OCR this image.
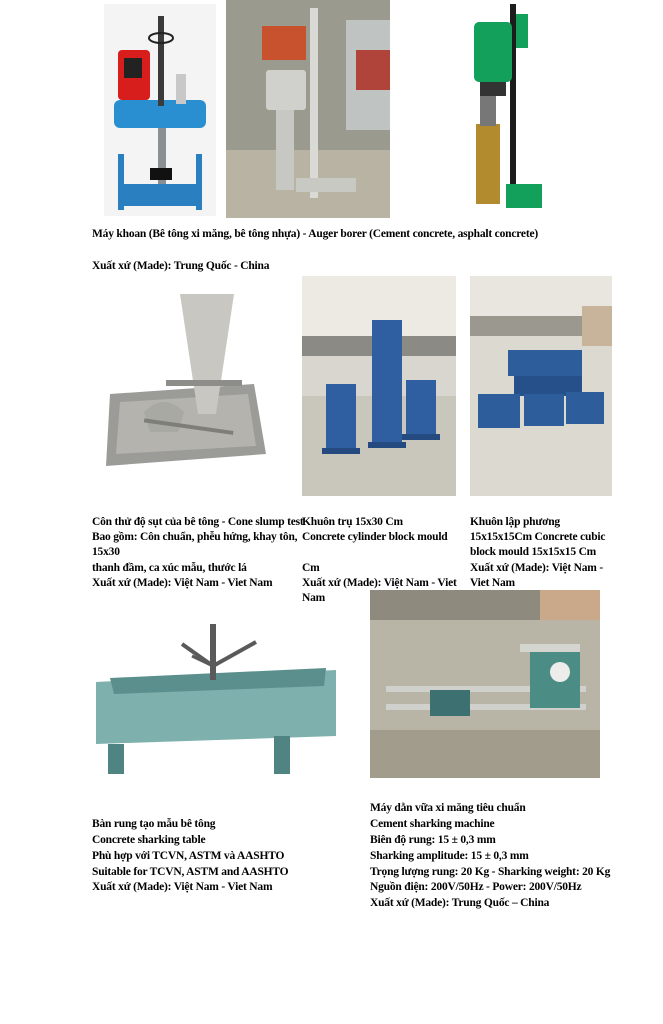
Máy khoan (Bê tông xi măng, bê tông nhựa) - Auger borer (Cement concrete, asphalt concrete)
Xuất xứ (Made): Trung Quốc - China
Côn thử độ sụt của bê tông - Cone slump test
Bao gồm: Côn chuẩn, phễu hứng, khay tôn,
15x30
thanh đầm, ca xúc mẫu, thước lá
Xuất xứ (Made): Việt Nam - Viet Nam
Khuôn trụ 15x30 Cm
Concrete cylinder block mould
Cm
Xuất xứ (Made): Việt Nam - Viet Nam
Khuôn lập phương
15x15x15Cm Concrete cubic block mould 15x15x15 Cm
Xuất xứ (Made): Việt Nam - Viet Nam
Bàn rung tạo mẫu bê tông
Concrete sharking table
Phù hợp với TCVN, ASTM và AASHTO
Suitable for TCVN, ASTM and AASHTO
Xuất xứ (Made): Việt Nam - Viet Nam
Máy dằn vữa xi măng tiêu chuẩn
Cement sharking machine
Biên độ rung: 15 ± 0,3 mm
Sharking amplitude: 15 ± 0,3 mm
Trọng lượng rung: 20 Kg - Sharking weight: 20 Kg
Nguồn điện: 200V/50Hz - Power: 200V/50Hz
Xuất xứ (Made): Trung Quốc – China
